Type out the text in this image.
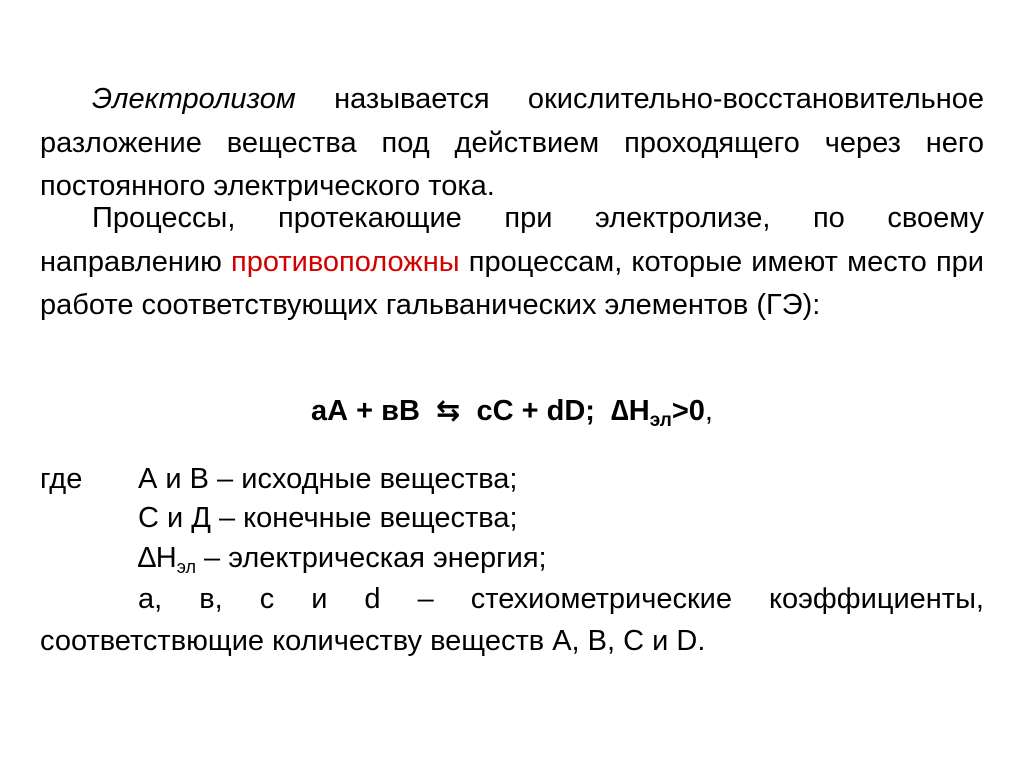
Электролизом называется окислительно-восстановительное разложение вещества под действием проходящего через него постоянного электрического тока.

Процессы, протекающие при электролизе, по своему направлению противоположны процессам, которые имеют место при работе соответствующих гальванических элементов (ГЭ):

аА + вВ ⇆ сС + dD; $\Delta Н_{эл}>0$,
где А и В – исходные вещества;
С и Д – конечные вещества;
$\Delta Н_{эл}$ – электрическая энергия;

а, в, с и d – стехиометрические коэффициенты, соответствющие количеству веществ А, В, С и D.
